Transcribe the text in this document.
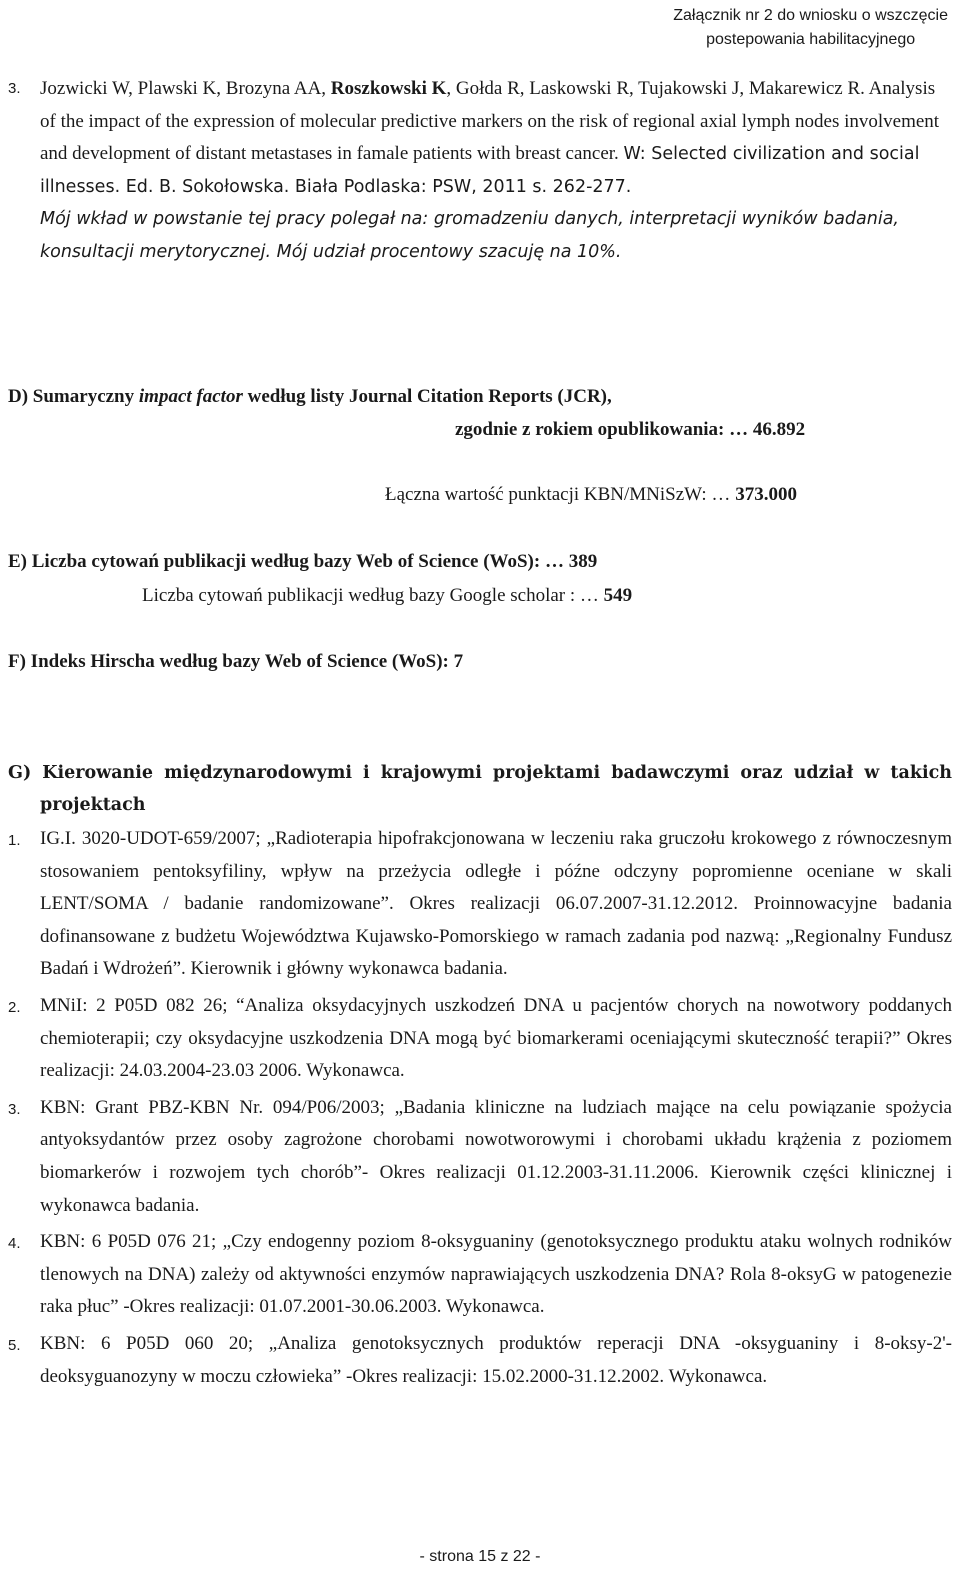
Załącznik nr 2 do wniosku o wszczęcie
postepowania habilitacyjnego
3. Jozwicki W, Plawski K, Brozyna AA, Roszkowski K, Gołda R, Laskowski R, Tujakowski J, Makarewicz R. Analysis of the impact of the expression of molecular predictive markers on the risk of regional axial lymph nodes involvement and development of distant metastases in famale patients with breast cancer. W: Selected civilization and social illnesses. Ed. B. Sokołowska. Biała Podlaska: PSW, 2011 s. 262-277.
Mój wkład w powstanie tej pracy polegał na: gromadzeniu danych, interpretacji wyników badania, konsultacji merytorycznej. Mój udział procentowy szacuję na 10%.
D) Sumaryczny impact factor według listy Journal Citation Reports (JCR),
zgodnie z rokiem opublikowania: … 46.892
Łączna wartość punktacji KBN/MNiSzW: … 373.000
E) Liczba cytowań publikacji według bazy Web of Science (WoS): … 389
Liczba cytowań publikacji według bazy Google scholar : … 549
F) Indeks Hirscha według bazy Web of Science (WoS): 7
G) Kierowanie międzynarodowymi i krajowymi projektami badawczymi oraz udział w takich projektach
1. IG.I. 3020-UDOT-659/2007; „Radioterapia hipofrakcjonowana w leczeniu raka gruczołu krokowego z równoczesnym stosowaniem pentoksyfiliny, wpływ na przeżycia odległe i późne odczyny popromienne oceniane w skali LENT/SOMA / badanie randomizowane”. Okres realizacji 06.07.2007-31.12.2012. Proinnowacyjne badania dofinansowane z budżetu Województwa Kujawsko-Pomorskiego w ramach zadania pod nazwą: „Regionalny Fundusz Badań i Wdrożeń”. Kierownik i główny wykonawca badania.
2. MNiI: 2 P05D 082 26; “Analiza oksydacyjnych uszkodzeń DNA u pacjentów chorych na nowotwory poddanych chemioterapii; czy oksydacyjne uszkodzenia DNA mogą być biomarkerami oceniającymi skuteczność terapii?” Okres realizacji: 24.03.2004-23.03 2006. Wykonawca.
3. KBN: Grant PBZ-KBN Nr. 094/P06/2003; „Badania kliniczne na ludziach mające na celu powiązanie spożycia antyoksydantów przez osoby zagrożone chorobami nowotworowymi i chorobami układu krążenia z poziomem biomarkerów i rozwojem tych chorób”- Okres realizacji 01.12.2003-31.11.2006. Kierownik części klinicznej i wykonawca badania.
4. KBN: 6 P05D 076 21; „Czy endogenny poziom 8-oksyguaniny (genotoksycznego produktu ataku wolnych rodników tlenowych na DNA) zależy od aktywności enzymów naprawiających uszkodzenia DNA? Rola 8-oksyG w patogenezie raka płuc” -Okres realizacji: 01.07.2001-30.06.2003. Wykonawca.
5. KBN: 6 P05D 060 20; „Analiza genotoksycznych produktów reperacji DNA -oksyguaniny i 8-oksy-2'-deoksyguanozyny w moczu człowieka” -Okres realizacji: 15.02.2000-31.12.2002. Wykonawca.
- strona 15 z 22 -
